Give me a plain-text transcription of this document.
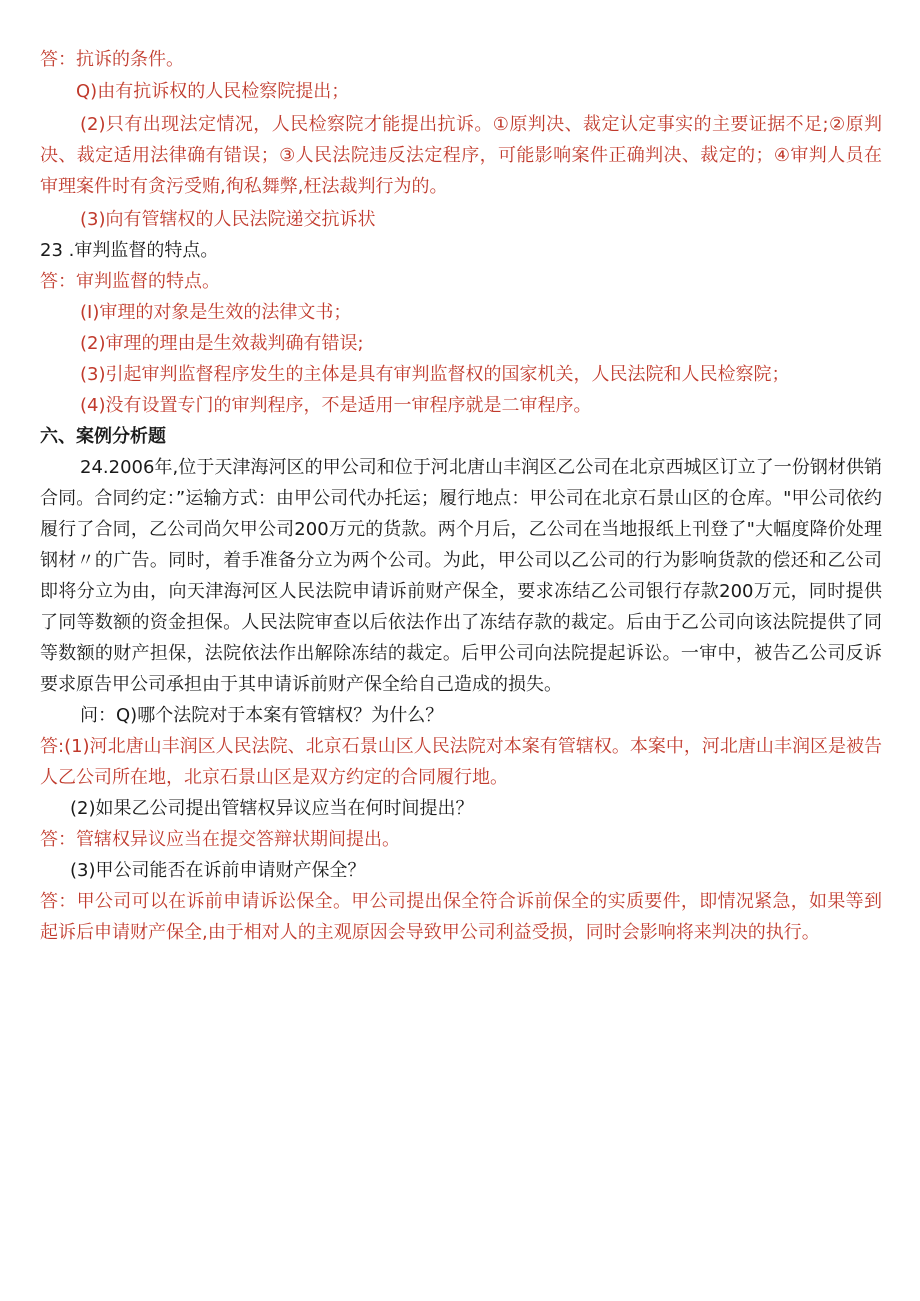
答：抗诉的条件。
Q)由有抗诉权的人民检察院提出；
(2)只有出现法定情况，人民检察院才能提出抗诉。①原判决、裁定认定事实的主要证据不足;②原判决、裁定适用法律确有错误；③人民法院违反法定程序，可能影响案件正确判决、裁定的；④审判人员在审理案件时有贪污受贿,徇私舞弊,枉法裁判行为的。
(3)向有管辖权的人民法院递交抗诉状
23 .审判监督的特点。
答：审判监督的特点。
(I)审理的对象是生效的法律文书；
(2)审理的理由是生效裁判确有错误;
(3)引起审判监督程序发生的主体是具有审判监督权的国家机关，人民法院和人民检察院；
(4)没有设置专门的审判程序，不是适用一审程序就是二审程序。
六、案例分析题
24.2006年,位于天津海河区的甲公司和位于河北唐山丰润区乙公司在北京西城区订立了一份钢材供销合同。合同约定：”运输方式：由甲公司代办托运；履行地点：甲公司在北京石景山区的仓库。"甲公司依约履行了合同，乙公司尚欠甲公司200万元的货款。两个月后，乙公司在当地报纸上刊登了"大幅度降价处理钢材〃的广告。同时，着手准备分立为两个公司。为此，甲公司以乙公司的行为影响货款的偿还和乙公司即将分立为由，向天津海河区人民法院申请诉前财产保全，要求冻结乙公司银行存款200万元，同时提供了同等数额的资金担保。人民法院审查以后依法作出了冻结存款的裁定。后由于乙公司向该法院提供了同等数额的财产担保，法院依法作出解除冻结的裁定。后甲公司向法院提起诉讼。一审中，被告乙公司反诉要求原告甲公司承担由于其申请诉前财产保全给自己造成的损失。
问：Q)哪个法院对于本案有管辖权？为什么？
答:(1)河北唐山丰润区人民法院、北京石景山区人民法院对本案有管辖权。本案中，河北唐山丰润区是被告人乙公司所在地，北京石景山区是双方约定的合同履行地。
(2)如果乙公司提出管辖权异议应当在何时间提出？
答：管辖权异议应当在提交答辩状期间提出。
(3)甲公司能否在诉前申请财产保全？
答：甲公司可以在诉前申请诉讼保全。甲公司提出保全符合诉前保全的实质要件，即情况紧急，如果等到起诉后申请财产保全,由于相对人的主观原因会导致甲公司利益受损，同时会影响将来判决的执行。
